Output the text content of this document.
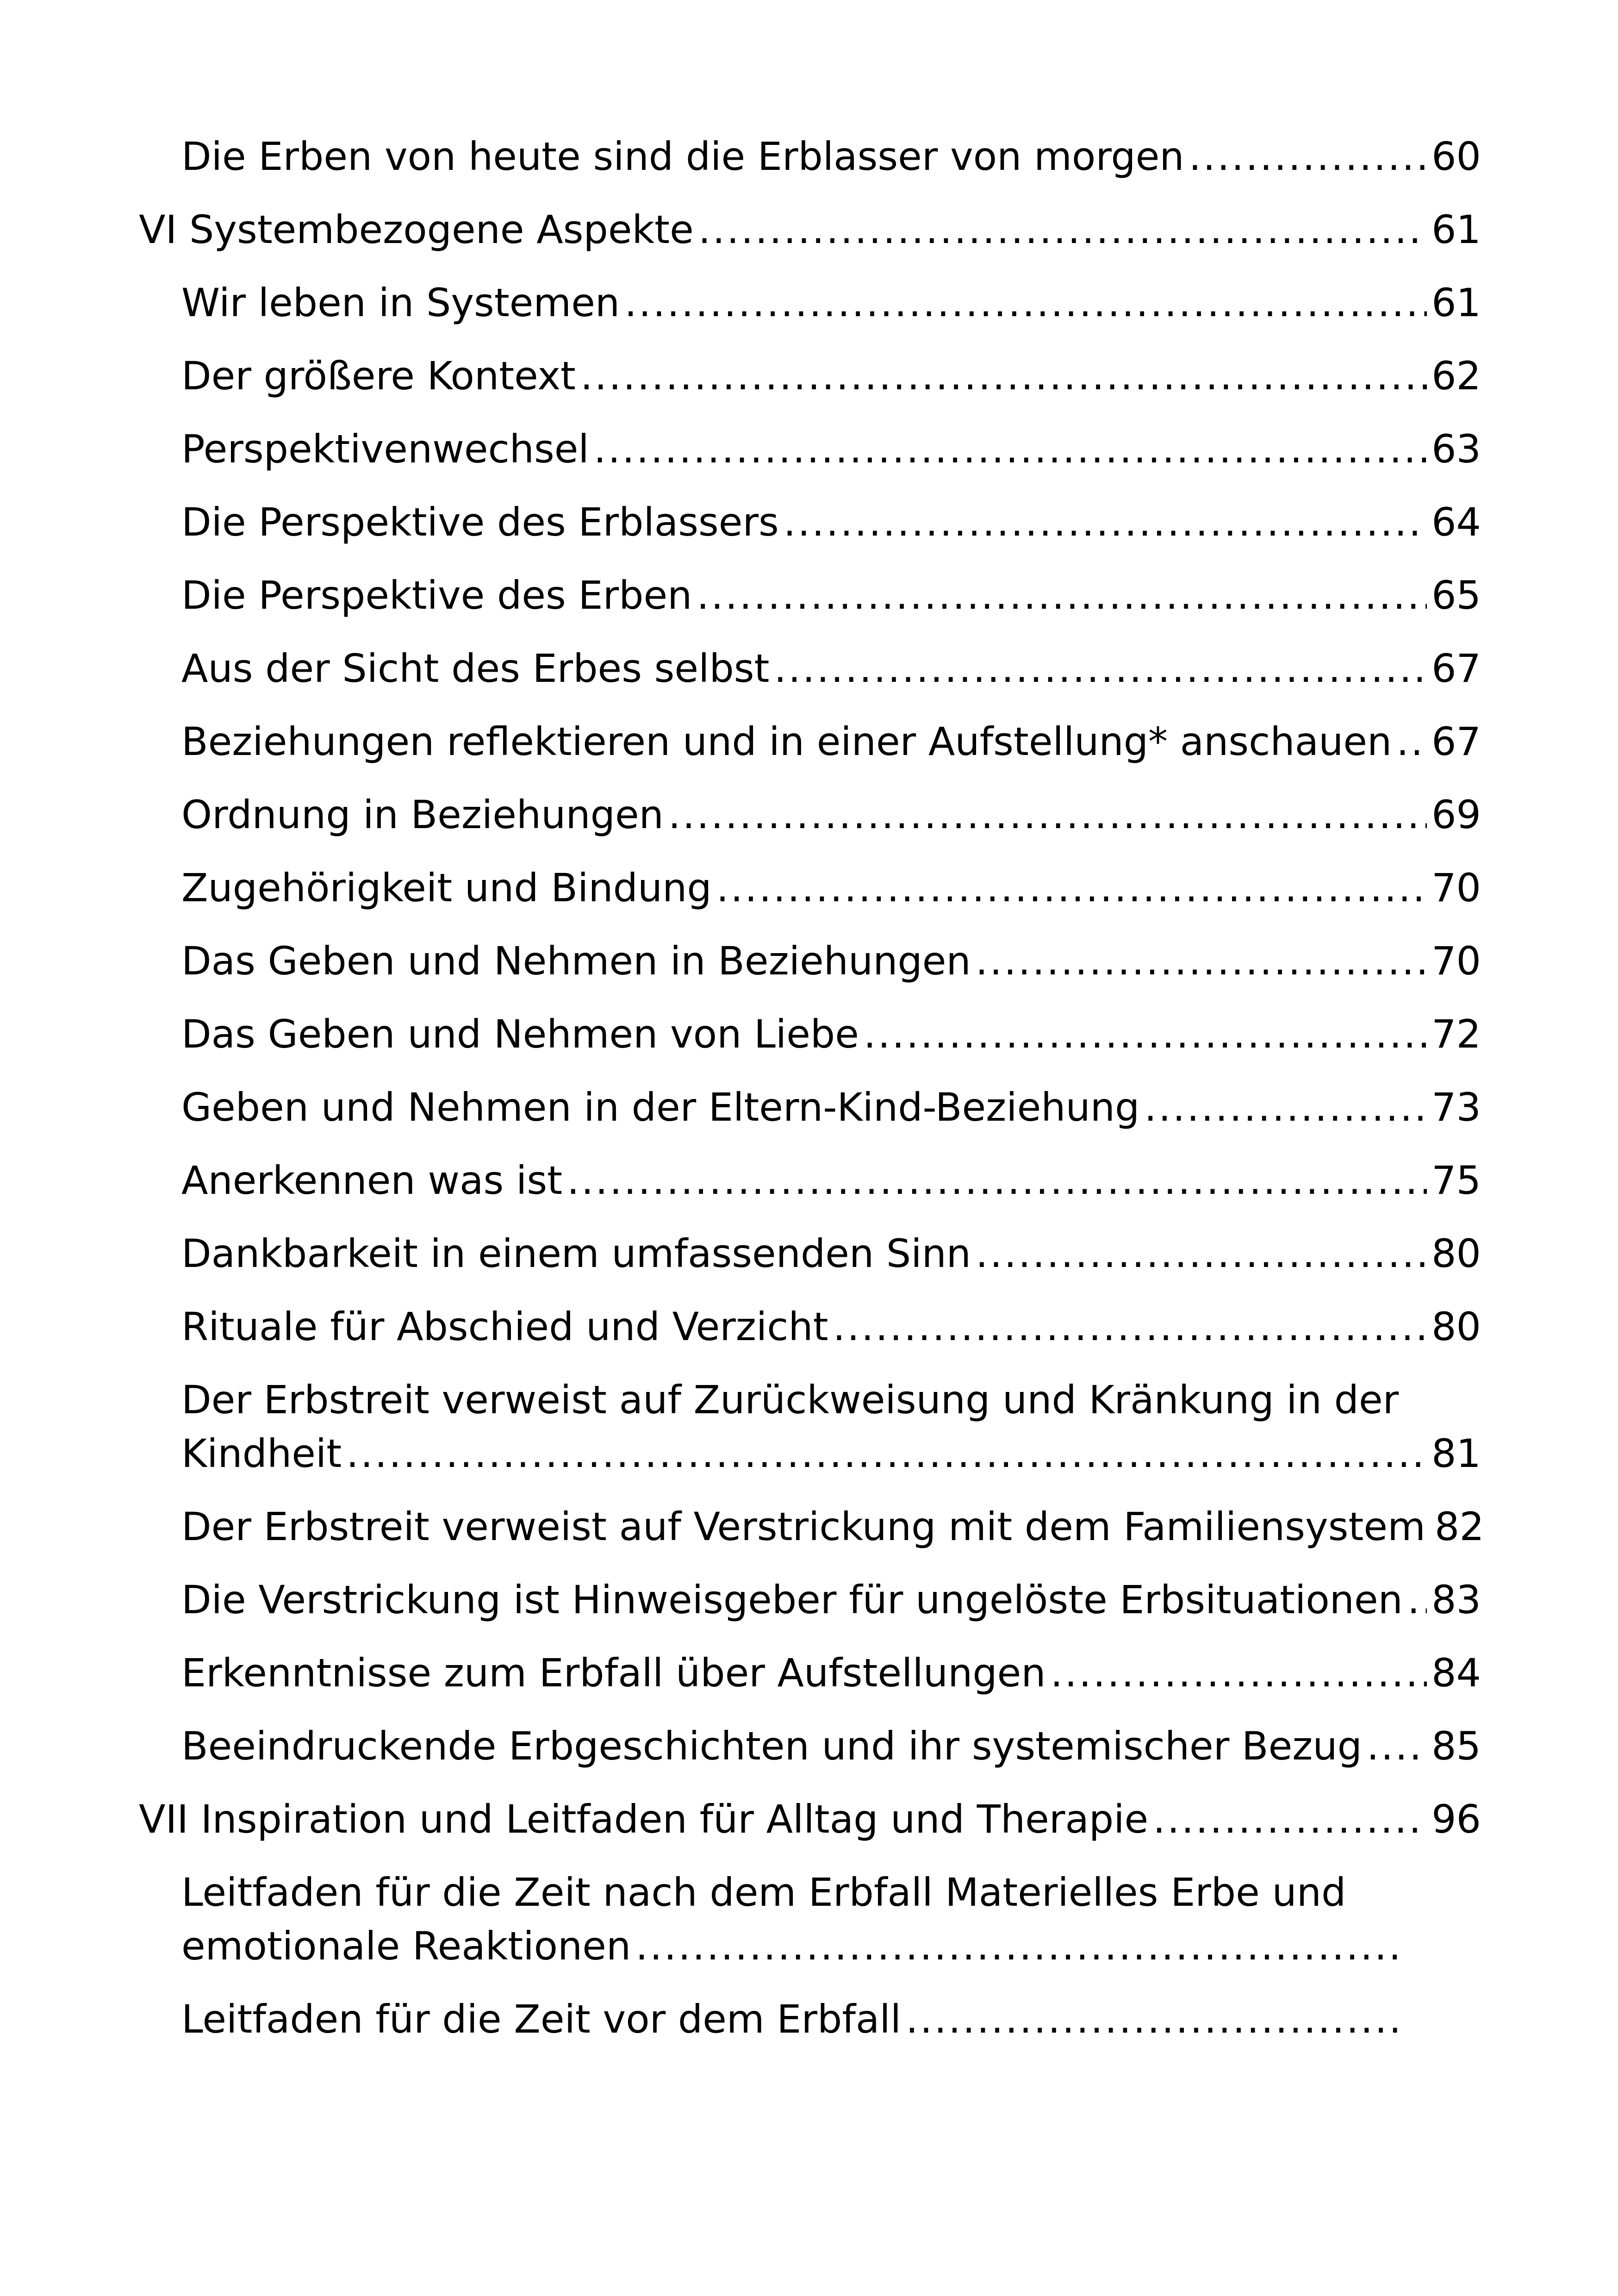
Die Erben von heute sind die Erblasser von morgen .....	60
VI Systembezogene Aspekte .....	61
Wir leben in Systemen .....	61
Der größere Kontext .....	62
Perspektivenwechsel .....	63
Die Perspektive des Erblassers .....	64
Die Perspektive des Erben .....	65
Aus der Sicht des Erbes selbst .....	67
Beziehungen reflektieren und in einer Aufstellung* anschauen ..... 67
Ordnung in Beziehungen .....	69
Zugehörigkeit und Bindung .....	70
Das Geben und Nehmen in Beziehungen .....	70
Das Geben und Nehmen von Liebe .....	72
Geben und Nehmen in der Eltern-Kind-Beziehung .....	73
Anerkennen was ist .....	75
Dankbarkeit in einem umfassenden Sinn .....	80
Rituale für Abschied und Verzicht .....	80
Der Erbstreit verweist auf Zurückweisung und Kränkung in der
Kindheit .....	81
Der Erbstreit verweist auf Verstrickung mit dem Familiensystem 82
Die Verstrickung ist Hinweisgeber für ungelöste Erbsituationen ..... 83
Erkenntnisse zum Erbfall über Aufstellungen .....	84
Beeindruckende Erbgeschichten und ihr systemischer Bezug ..... 85
VII Inspiration und Leitfaden für Alltag und Therapie .....	96
Leitfaden für die Zeit nach dem Erbfall Materielles Erbe und
emotionale Reaktionen
.....
Leitfaden für die Zeit vor dem Erbfall
.....
